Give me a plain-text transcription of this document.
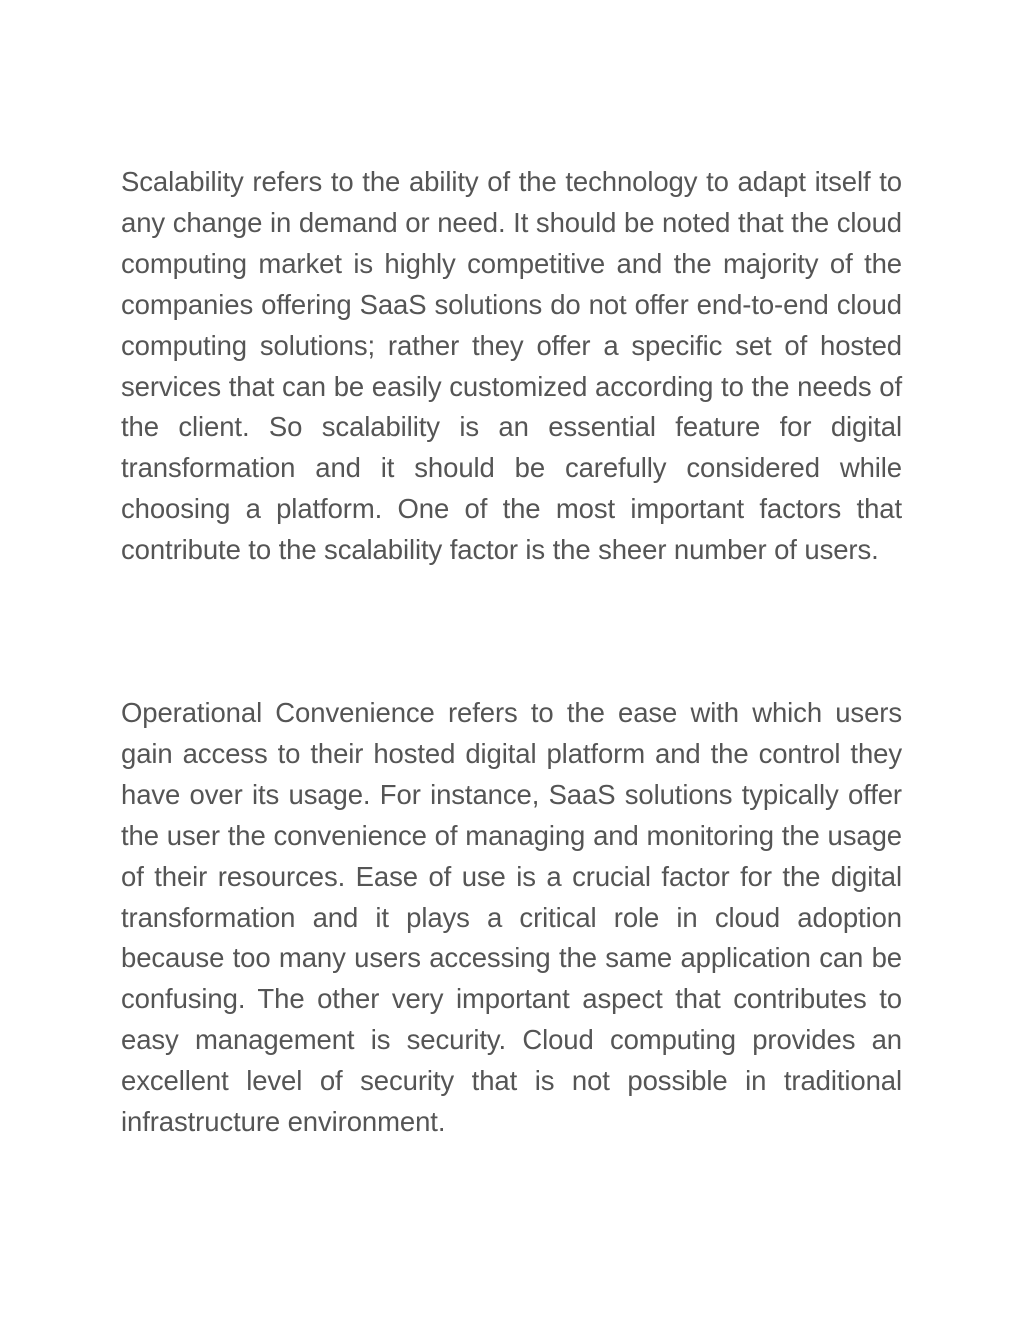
Scalability refers to the ability of the technology to adapt itself to any change in demand or need. It should be noted that the cloud computing market is highly competitive and the majority of the companies offering SaaS solutions do not offer end-to-end cloud computing solutions; rather they offer a specific set of hosted services that can be easily customized according to the needs of the client. So scalability is an essential feature for digital transformation and it should be carefully considered while choosing a platform. One of the most important factors that contribute to the scalability factor is the sheer number of users.

Operational Convenience refers to the ease with which users gain access to their hosted digital platform and the control they have over its usage. For instance, SaaS solutions typically offer the user the convenience of managing and monitoring the usage of their resources. Ease of use is a crucial factor for the digital transformation and it plays a critical role in cloud adoption because too many users accessing the same application can be confusing. The other very important aspect that contributes to easy management is security. Cloud computing provides an excellent level of security that is not possible in traditional infrastructure environment.
